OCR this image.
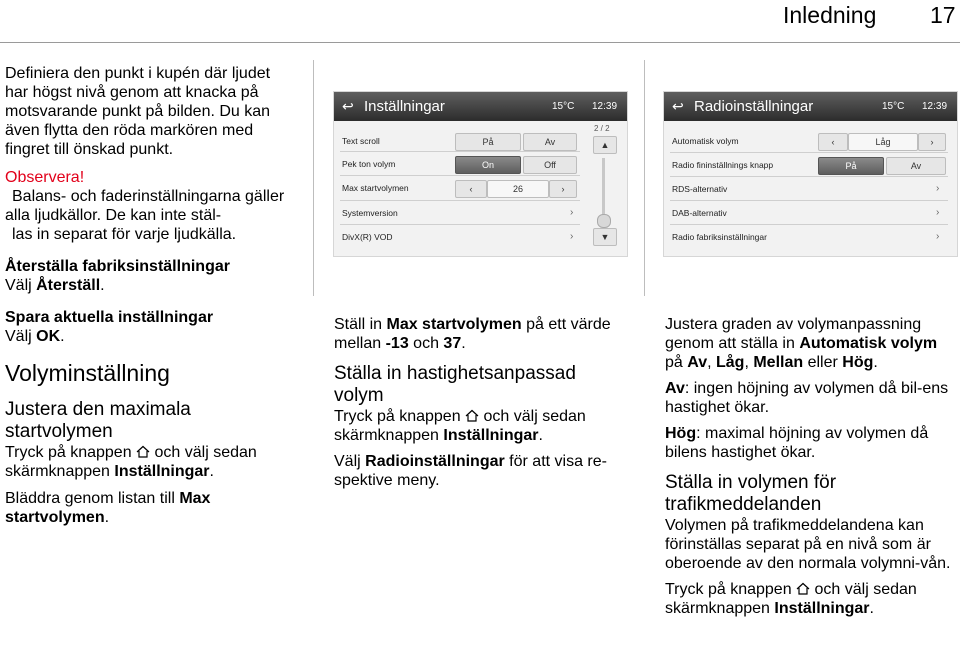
Inledning 17

Definiera den punkt i kupén där ljudet har högst nivå genom att knacka på motsvarande punkt på bilden. Du kan även flytta den röda markören med fingret till önskad punkt.

Observera!
Balans- och faderinställningarna gäller alla ljudkällor. De kan inte stäl-
las in separat för varje ljudkälla.

Återställa fabriksinställningar

Välj Återställ.

Spara aktuella inställningar

Välj OK.

Volyminställning

Justera den maximala startvolymen

Tryck på knappen och välj sedan skärmknappen Inställningar.

Bläddra genom listan till Max startvolymen.

↩ Inställningar	15°C 12:39
Text scroll	På	Av
Pek ton volym	On	Off
Max startvolymen	‹	26	›
Systemversion	›
DivX(R) VOD	›
2 / 2
▲
▼
↩ Radioinställningar	15°C 12:39
Automatisk volym	‹	Låg	›
Radio fininställnings knapp	På	Av
RDS-alternativ	›
DAB-alternativ	›
Radio fabriksinställningar	›

Ställ in Max startvolymen på ett värde mellan -13 och 37.

Ställa in hastighetsanpassad volym

Tryck på knappen och välj sedan skärmknappen Inställningar.

Välj Radioinställningar för att visa re-spektive meny.

Justera graden av volymanpassning genom att ställa in Automatisk volym på Av, Låg, Mellan eller Hög.

Av: ingen höjning av volymen då bil-ens hastighet ökar.

Hög: maximal höjning av volymen då bilens hastighet ökar.

Ställa in volymen för trafikmeddelanden

Volymen på trafikmeddelandena kan förinställas separat på en nivå som är oberoende av den normala volymni-vån.

Tryck på knappen och välj sedan skärmknappen Inställningar.
